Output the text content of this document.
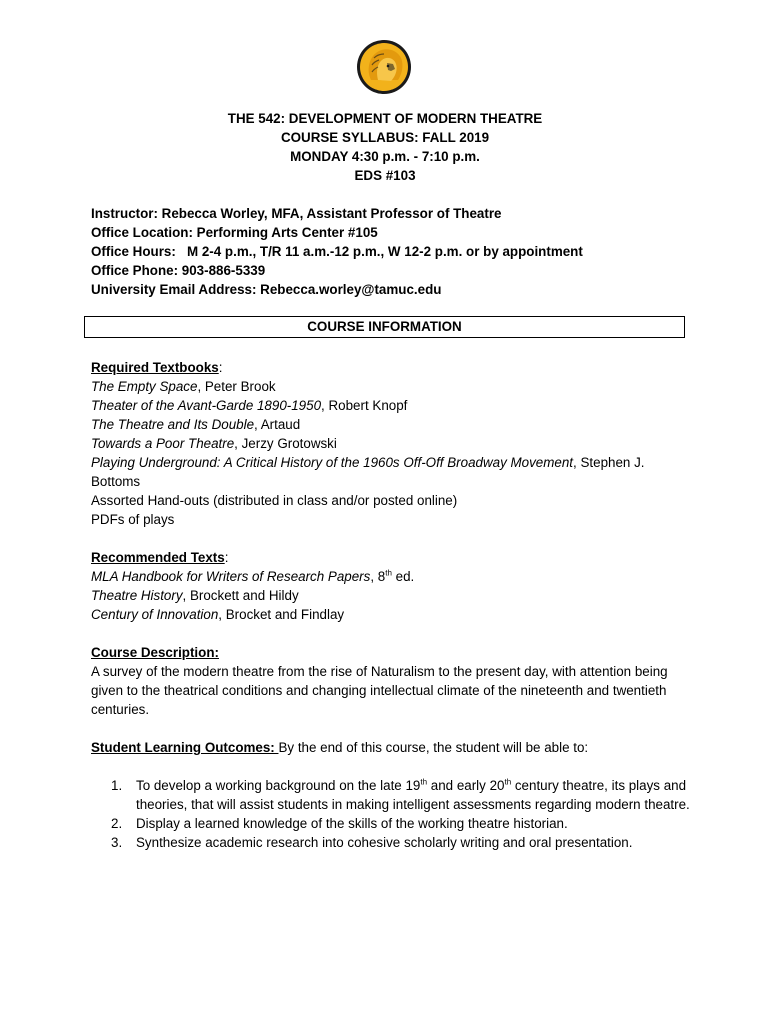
THE 542: DEVELOPMENT OF MODERN THEATRE
COURSE SYLLABUS: FALL 2019
MONDAY 4:30 p.m. - 7:10 p.m.
EDS #103
Instructor: Rebecca Worley, MFA, Assistant Professor of Theatre
Office Location: Performing Arts Center #105
Office Hours:   M 2-4 p.m., T/R 11 a.m.-12 p.m., W 12-2 p.m. or by appointment
Office Phone: 903-886-5339
University Email Address: Rebecca.worley@tamuc.edu
COURSE INFORMATION

Required Textbooks:

The Empty Space, Peter Brook

Theater of the Avant-Garde 1890-1950, Robert Knopf

The Theatre and Its Double, Artaud

Towards a Poor Theatre, Jerzy Grotowski

Playing Underground: A Critical History of the 1960s Off-Off Broadway Movement, Stephen J. Bottoms

Assorted Hand-outs (distributed in class and/or posted online)

PDFs of plays

Recommended Texts:

MLA Handbook for Writers of Research Papers, 8th ed.

Theatre History, Brockett and Hildy

Century of Innovation, Brocket and Findlay

Course Description:

A survey of the modern theatre from the rise of Naturalism to the present day, with attention being given to the theatrical conditions and changing intellectual climate of the nineteenth and twentieth centuries.

Student Learning Outcomes: By the end of this course, the student will be able to:

1. To develop a working background on the late 19th and early 20th century theatre, its plays and theories, that will assist students in making intelligent assessments regarding modern theatre.
2. Display a learned knowledge of the skills of the working theatre historian.
3. Synthesize academic research into cohesive scholarly writing and oral presentation.
